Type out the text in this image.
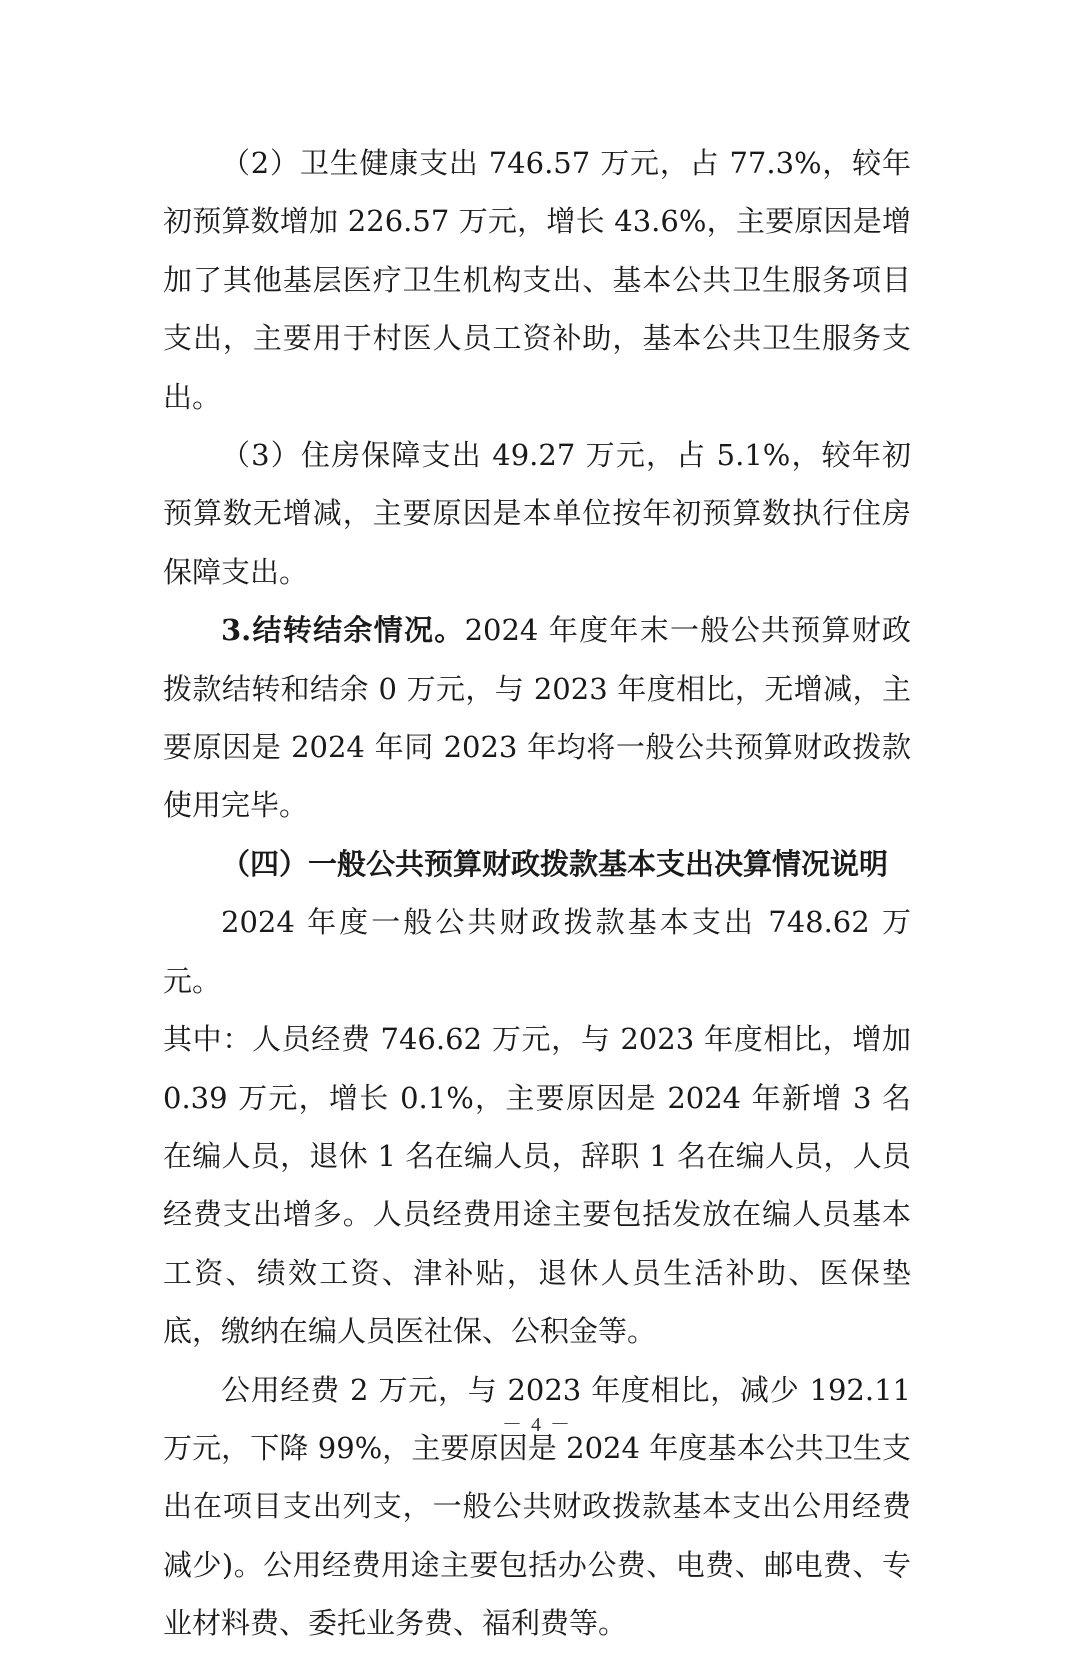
（2）卫生健康支出 746.57 万元，占 77.3%，较年初预算数增加 226.57 万元，增长 43.6%，主要原因是增加了其他基层医疗卫生机构支出、基本公共卫生服务项目支出，主要用于村医人员工资补助，基本公共卫生服务支出。

（3）住房保障支出 49.27 万元，占 5.1%，较年初预算数无增减，主要原因是本单位按年初预算数执行住房保障支出。

3.结转结余情况。2024 年度年末一般公共预算财政拨款结转和结余 0 万元，与 2023 年度相比，无增减，主要原因是 2024 年同 2023 年均将一般公共预算财政拨款使用完毕。

（四）一般公共预算财政拨款基本支出决算情况说明

2024 年度一般公共财政拨款基本支出 748.62 万元。

其中：人员经费 746.62 万元，与 2023 年度相比，增加 0.39 万元，增长 0.1%，主要原因是 2024 年新增 3 名在编人员，退休 1 名在编人员，辞职 1 名在编人员，人员经费支出增多。人员经费用途主要包括发放在编人员基本工资、绩效工资、津补贴，退休人员生活补助、医保垫底，缴纳在编人员医社保、公积金等。

公用经费 2 万元，与 2023 年度相比，减少 192.11 万元，下降 99%，主要原因是 2024 年度基本公共卫生支出在项目支出列支，一般公共财政拨款基本支出公用经费减少)。公用经费用途主要包括办公费、电费、邮电费、专业材料费、委托业务费、福利费等。

－ 4 －
